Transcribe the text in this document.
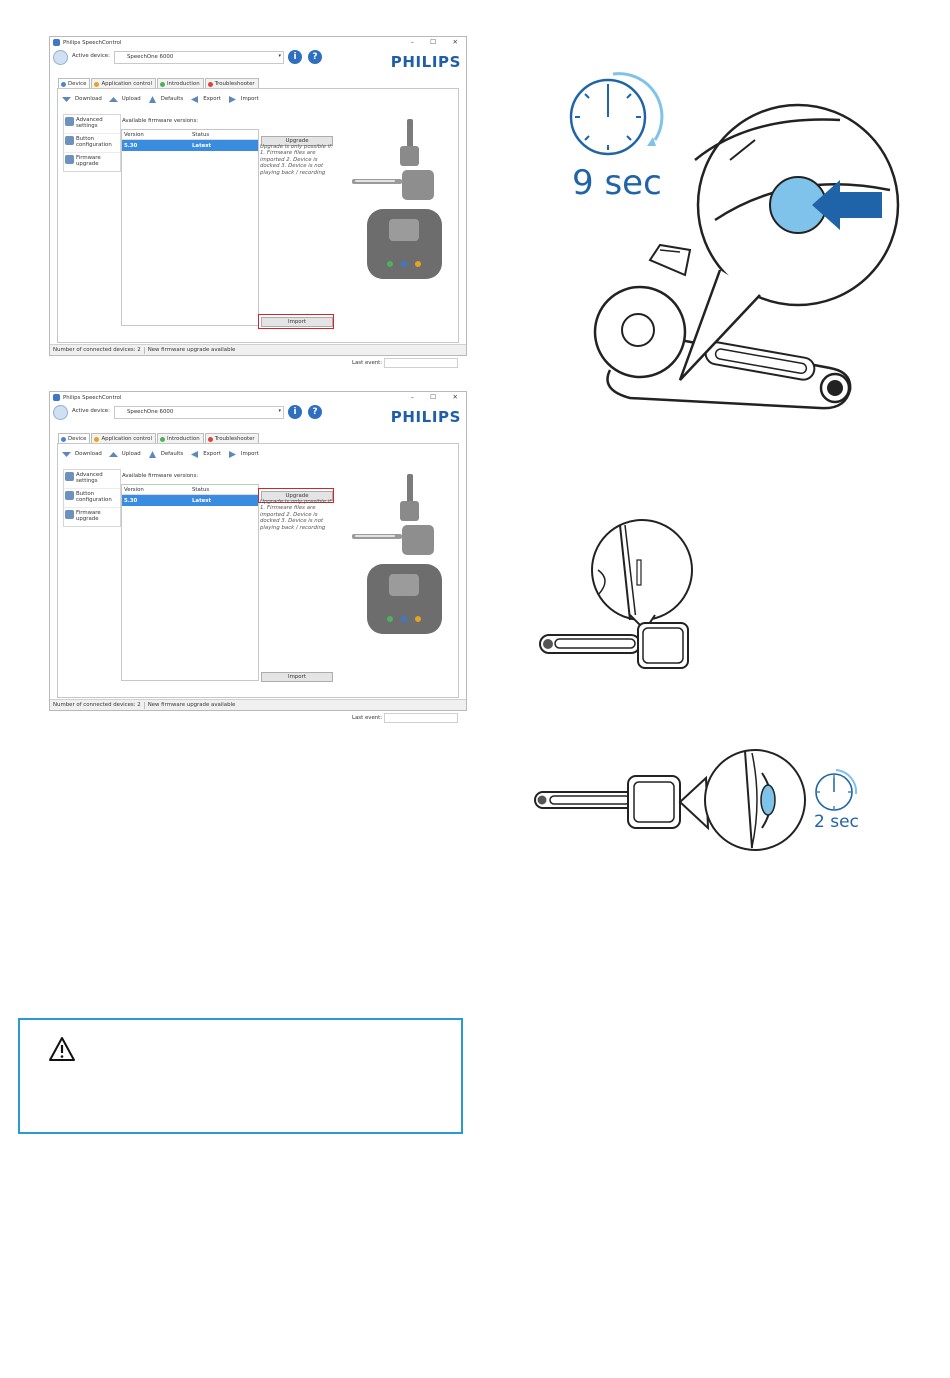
Philips SpeechControl	– ☐	✕
Active device:	SpeechOne 6000	▾	i	?	PHILIPS
Device	Application control	Introduction	Troubleshooter
Download	Upload	Defaults	Export	Import
Advanced settings
Button configuration
Firmware upgrade
Available firmware versions:
Version	Status
5.30	Latest
Upgrade
Upgrade is only possible if: 1. Firmware files are imported 2. Device is docked 3. Device is not playing back / recording
Import
Last event:
Number of connected devices: 2	New firmware upgrade available
Philips SpeechControl	– ☐	✕
Active device:	SpeechOne 6000	▾	i	?	PHILIPS
Device	Application control	Introduction	Troubleshooter
Download	Upload	Defaults	Export	Import
Advanced settings
Button configuration
Firmware upgrade
Available firmware versions:
Version	Status
5.30	Latest
Upgrade
Upgrade is only possible if: 1. Firmware files are imported 2. Device is docked 3. Device is not playing back / recording
Import
Last event:
Number of connected devices: 2	New firmware upgrade available
9 sec
2 sec
